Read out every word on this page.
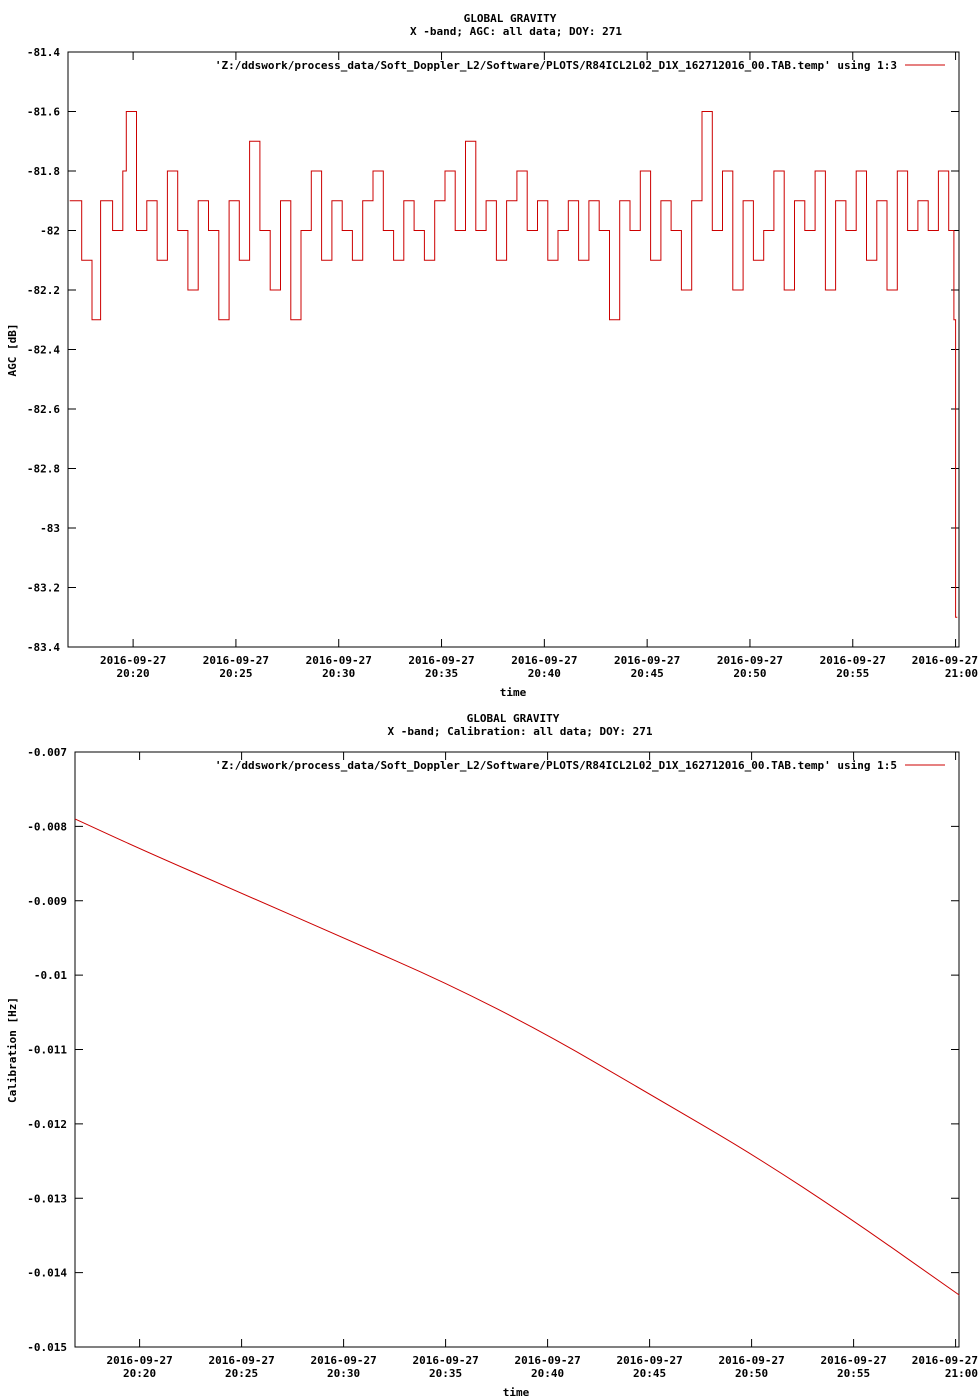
GLOBAL GRAVITY
X -band; AGC: all data; DOY: 271
-81.4
-81.6
-81.8
-82
-82.2
-82.4
-82.6
-82.8
-83
-83.2
-83.4
2016-09-27
20:20
2016-09-27
20:25
2016-09-27
20:30
2016-09-27
20:35
2016-09-27
20:40
2016-09-27
20:45
2016-09-27
20:50
2016-09-27
20:55
2016-09-27
21:00
time
AGC [dB]
'Z:/ddswork/process_data/Soft_Doppler_L2/Software/PLOTS/R84ICL2L02_D1X_162712016_00.TAB.temp' using 1:3
GLOBAL GRAVITY
X -band; Calibration: all data; DOY: 271
-0.007
-0.008
-0.009
-0.01
-0.011
-0.012
-0.013
-0.014
-0.015
2016-09-27
20:20
2016-09-27
20:25
2016-09-27
20:30
2016-09-27
20:35
2016-09-27
20:40
2016-09-27
20:45
2016-09-27
20:50
2016-09-27
20:55
2016-09-27
21:00
time
Calibration [Hz]
'Z:/ddswork/process_data/Soft_Doppler_L2/Software/PLOTS/R84ICL2L02_D1X_162712016_00.TAB.temp' using 1:5
